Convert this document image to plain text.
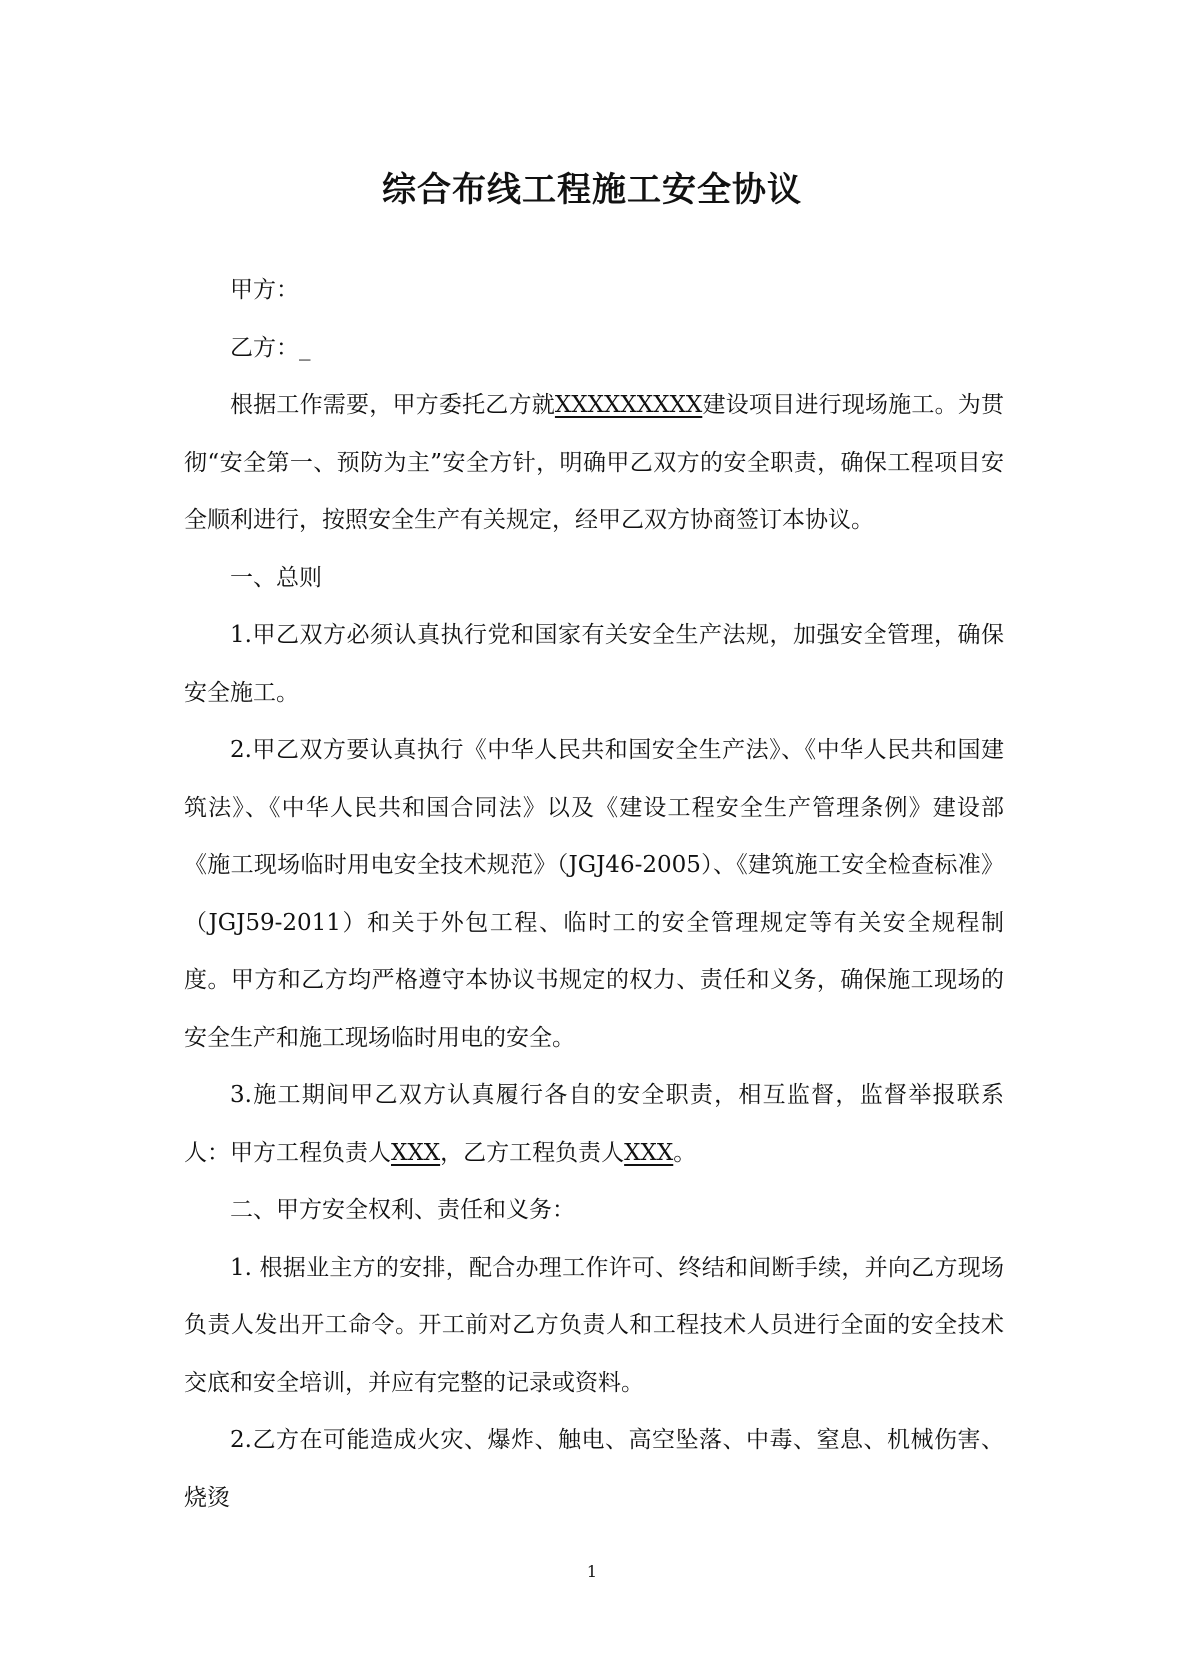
综合布线工程施工安全协议

甲方：

乙方：_

根据工作需要，甲方委托乙方就XXXXXXXXX建设项目进行现场施工。为贯彻“安全第一、预防为主”安全方针，明确甲乙双方的安全职责，确保工程项目安全顺利进行，按照安全生产有关规定，经甲乙双方协商签订本协议。

一、总则

1.甲乙双方必须认真执行党和国家有关安全生产法规，加强安全管理，确保安全施工。

2.甲乙双方要认真执行《中华人民共和国安全生产法》、《中华人民共和国建筑法》、《中华人民共和国合同法》以及《建设工程安全生产管理条例》建设部《施工现场临时用电安全技术规范》（JGJ46-2005）、《建筑施工安全检查标准》（JGJ59-2011）和关于外包工程、临时工的安全管理规定等有关安全规程制度。甲方和乙方均严格遵守本协议书规定的权力、责任和义务，确保施工现场的安全生产和施工现场临时用电的安全。

3.施工期间甲乙双方认真履行各自的安全职责，相互监督，监督举报联系人：甲方工程负责人XXX，乙方工程负责人XXX。

二、甲方安全权利、责任和义务：

1. 根据业主方的安排，配合办理工作许可、终结和间断手续，并向乙方现场负责人发出开工命令。开工前对乙方负责人和工程技术人员进行全面的安全技术交底和安全培训，并应有完整的记录或资料。

2.乙方在可能造成火灾、爆炸、触电、高空坠落、中毒、窒息、机械伤害、烧烫

1
